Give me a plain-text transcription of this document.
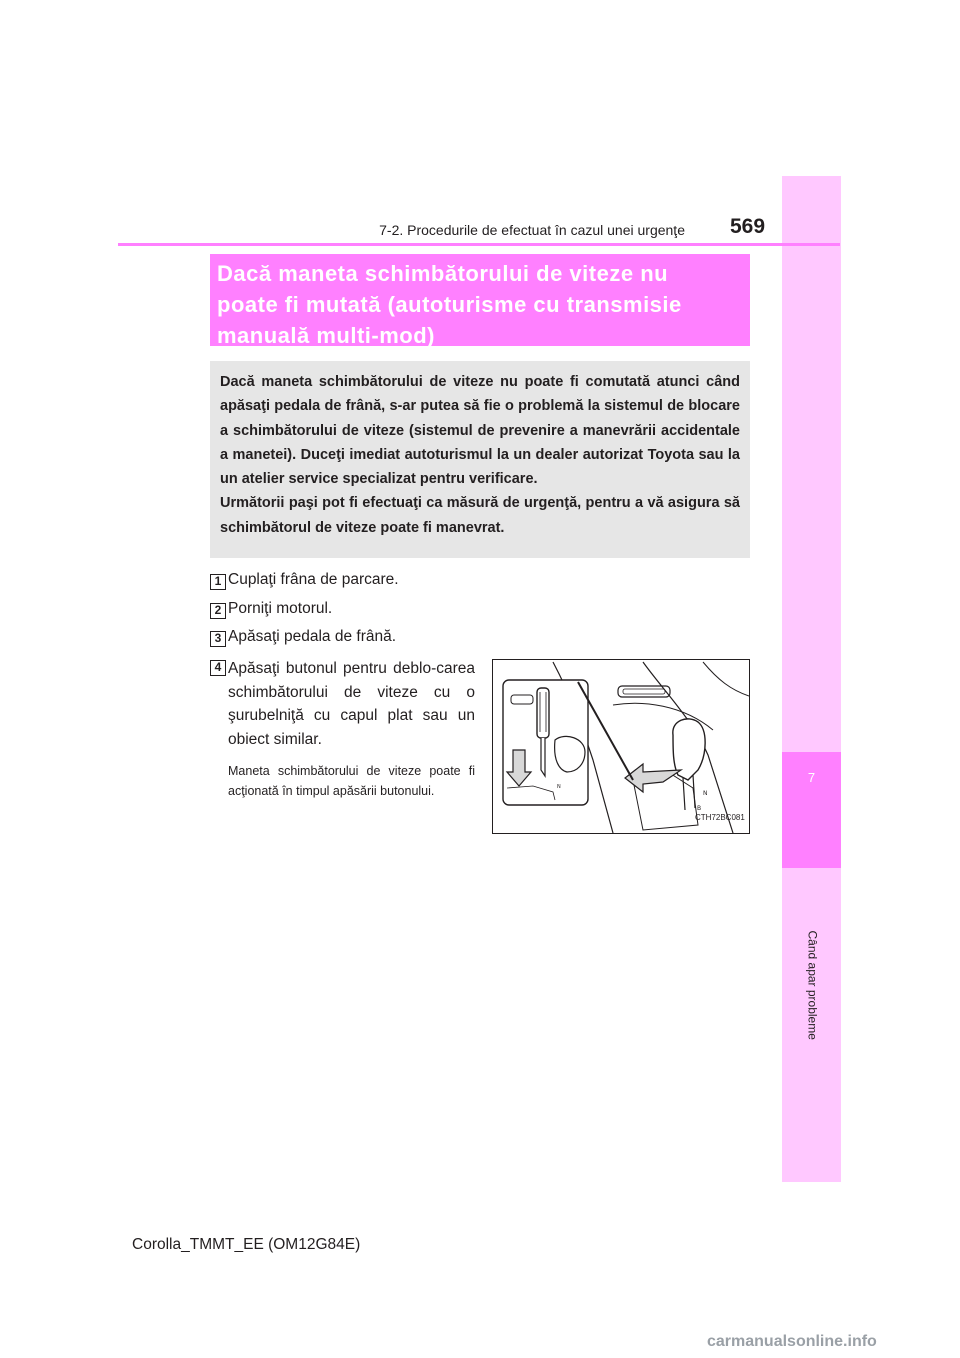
7
Când apar probleme
7-2. Procedurile de efectuat în cazul unei urgenţe 569

Dacă maneta schimbătorului de viteze nu

poate fi mutată (autoturisme cu transmisie

manuală multi-mod)

Dacă maneta schimbătorului de viteze nu poate fi comutată atunci când apăsaţi pedala de frână, s-ar putea să fie o problemă la sistemul de blocare a schimbătorului de viteze (sistemul de prevenire a manevrării accidentale a manetei). Duceţi imediat autoturismul la un dealer autorizat Toyota sau la un atelier service specializat pentru verificare.

Următorii paşi pot fi efectuaţi ca măsură de urgenţă, pentru a vă asigura să schimbătorul de viteze poate fi manevrat.

1 Cuplaţi frâna de parcare.
2 Porniţi motorul.
3 Apăsaţi pedala de frână.
4 Apăsaţi butonul pentru deblo-carea schimbătorului de viteze cu o şurubelniţă cu capul plat sau un obiect similar.
Maneta schimbătorului de viteze poate fi acţionată în timpul apăsării butonului.	N
B
N
CTH72BC081
Corolla_TMMT_EE (OM12G84E)
carmanualsonline.info
